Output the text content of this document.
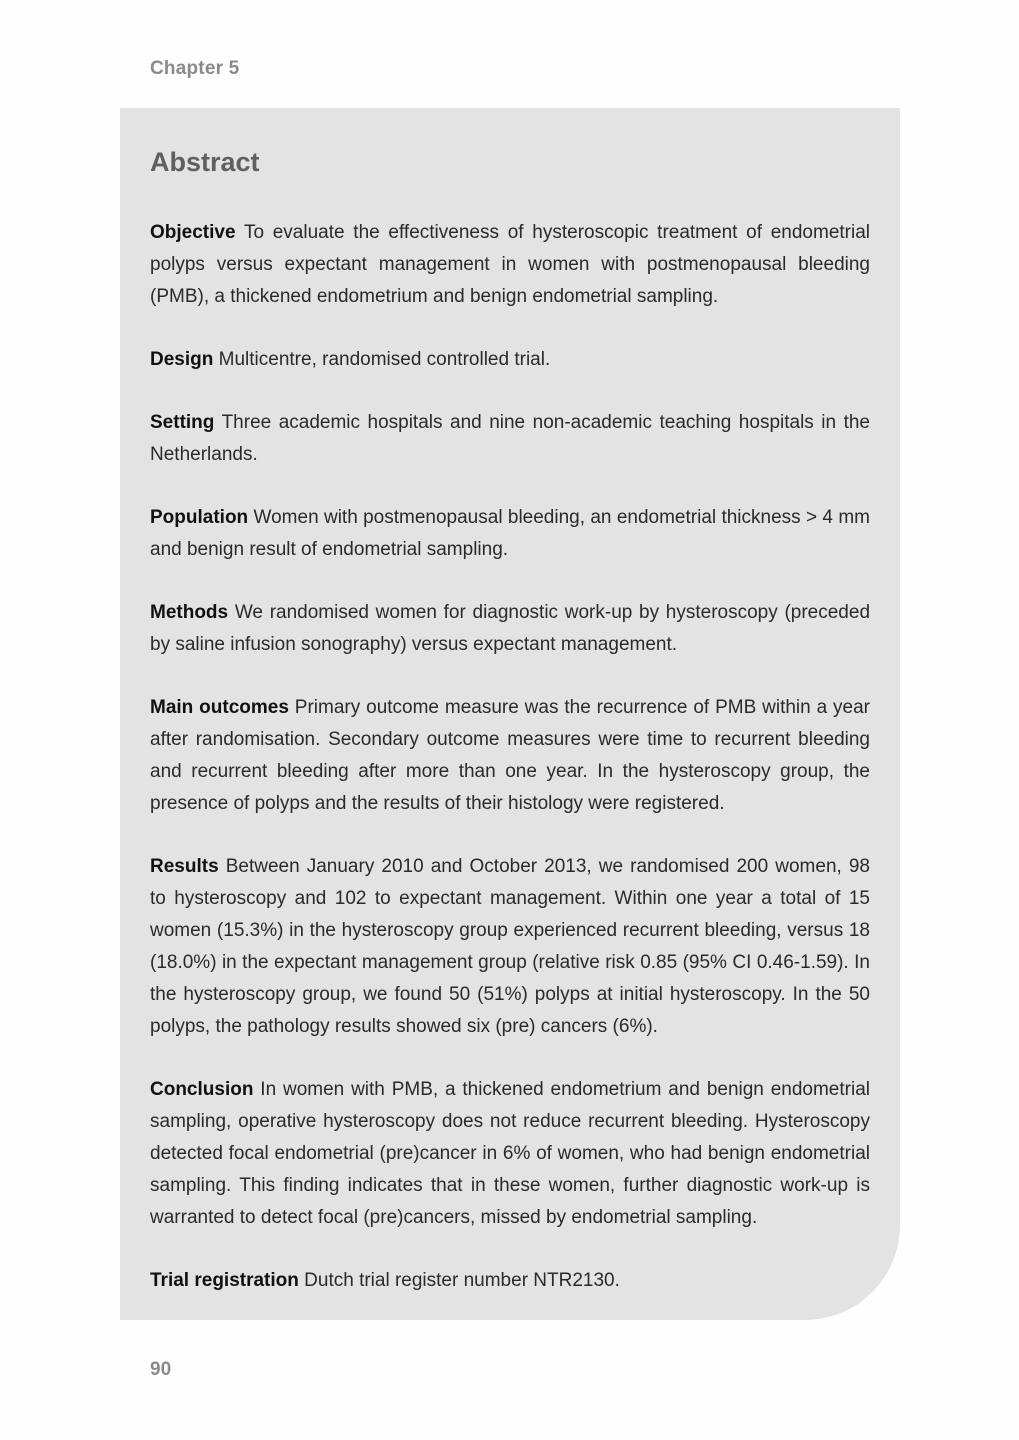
Chapter 5
Abstract

Objective To evaluate the effectiveness of hysteroscopic treatment of endometrial polyps versus expectant management in women with postmenopausal bleeding (PMB), a thickened endometrium and benign endometrial sampling.

Design Multicentre, randomised controlled trial.

Setting Three academic hospitals and nine non-academic teaching hospitals in the Netherlands.

Population Women with postmenopausal bleeding, an endometrial thickness > 4 mm and benign result of endometrial sampling.

Methods We randomised women for diagnostic work-up by hysteroscopy (preceded by saline infusion sonography) versus expectant management.

Main outcomes Primary outcome measure was the recurrence of PMB within a year after randomisation. Secondary outcome measures were time to recurrent bleeding and recurrent bleeding after more than one year. In the hysteroscopy group, the presence of polyps and the results of their histology were registered.

Results Between January 2010 and October 2013, we randomised 200 women, 98 to hysteroscopy and 102 to expectant management. Within one year a total of 15 women (15.3%) in the hysteroscopy group experienced recurrent bleeding, versus 18 (18.0%) in the expectant management group (relative risk 0.85 (95% CI 0.46-1.59). In the hysteroscopy group, we found 50 (51%) polyps at initial hysteroscopy. In the 50 polyps, the pathology results showed six (pre) cancers (6%).

Conclusion In women with PMB, a thickened endometrium and benign endometrial sampling, operative hysteroscopy does not reduce recurrent bleeding. Hysteroscopy detected focal endometrial (pre)cancer in 6% of women, who had benign endometrial sampling. This finding indicates that in these women, further diagnostic work-up is warranted to detect focal (pre)cancers, missed by endometrial sampling.

Trial registration Dutch trial register number NTR2130.

90
